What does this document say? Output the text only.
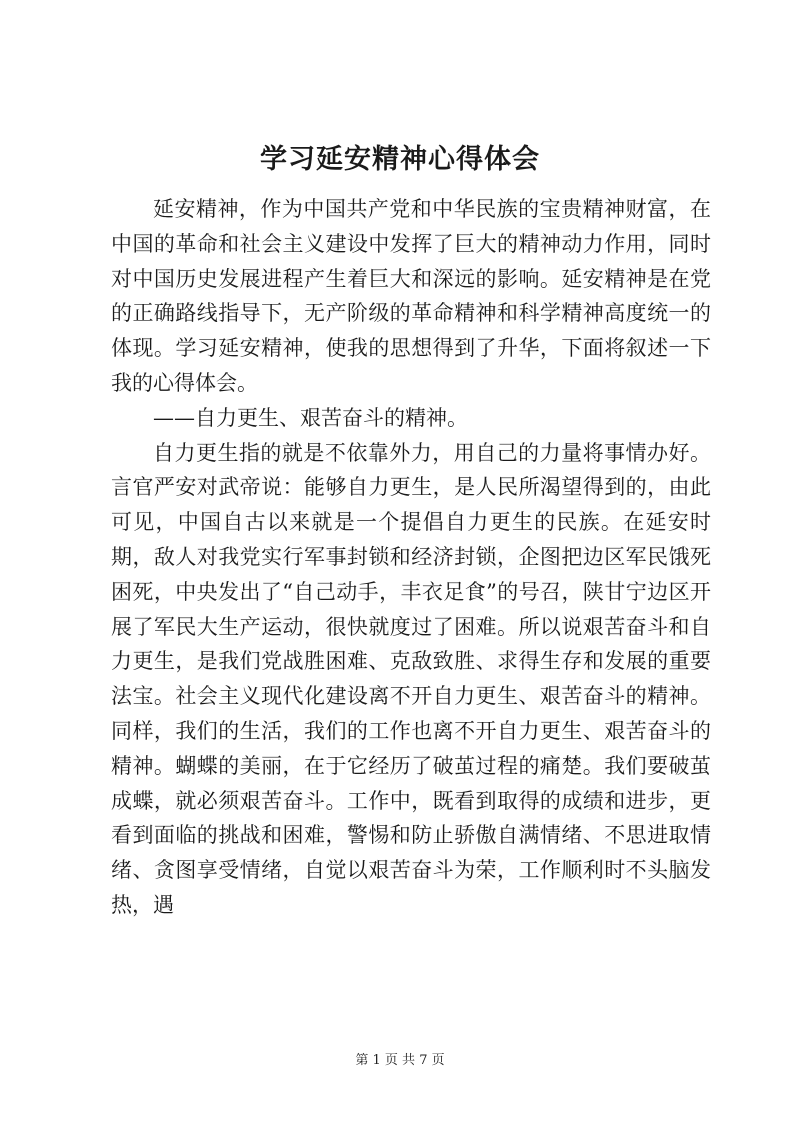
学习延安精神心得体会

延安精神，作为中国共产党和中华民族的宝贵精神财富，在中国的革命和社会主义建设中发挥了巨大的精神动力作用，同时对中国历史发展进程产生着巨大和深远的影响。延安精神是在党的正确路线指导下，无产阶级的革命精神和科学精神高度统一的体现。学习延安精神，使我的思想得到了升华，下面将叙述一下我的心得体会。

——自力更生、艰苦奋斗的精神。

自力更生指的就是不依靠外力，用自己的力量将事情办好。言官严安对武帝说：能够自力更生，是人民所渴望得到的，由此可见，中国自古以来就是一个提倡自力更生的民族。在延安时期，敌人对我党实行军事封锁和经济封锁，企图把边区军民饿死困死，中央发出了“自己动手，丰衣足食”的号召，陕甘宁边区开展了军民大生产运动，很快就度过了困难。所以说艰苦奋斗和自力更生，是我们党战胜困难、克敌致胜、求得生存和发展的重要法宝。社会主义现代化建设离不开自力更生、艰苦奋斗的精神。同样，我们的生活，我们的工作也离不开自力更生、艰苦奋斗的精神。蝴蝶的美丽，在于它经历了破茧过程的痛楚。我们要破茧成蝶，就必须艰苦奋斗。工作中，既看到取得的成绩和进步，更看到面临的挑战和困难，警惕和防止骄傲自满情绪、不思进取情绪、贪图享受情绪，自觉以艰苦奋斗为荣，工作顺利时不头脑发热，遇

第 1 页 共 7 页
